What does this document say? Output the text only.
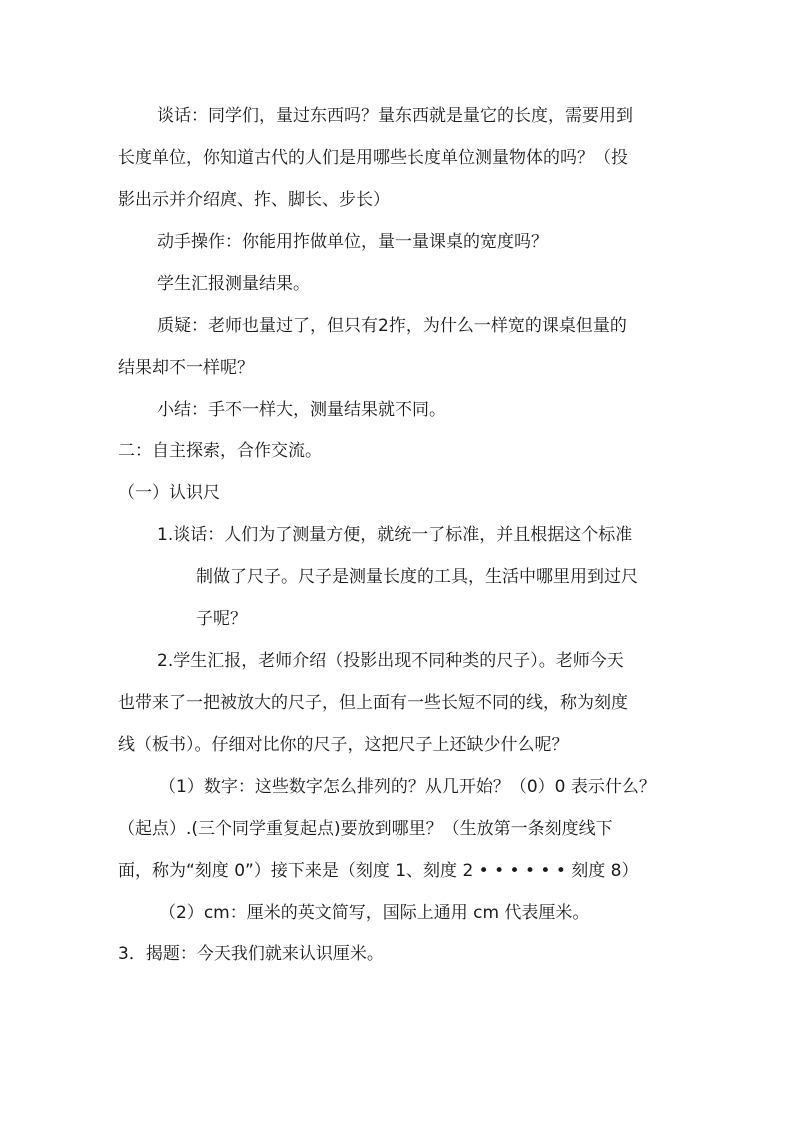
谈话：同学们，量过东西吗？量东西就是量它的长度，需要用到
长度单位，你知道古代的人们是用哪些长度单位测量物体的吗？（投
影出示并介绍庹、拃、脚长、步长）
动手操作：你能用拃做单位，量一量课桌的宽度吗？
学生汇报测量结果。
质疑：老师也量过了，但只有2拃，为什么一样宽的课桌但量的
结果却不一样呢？
小结：手不一样大，测量结果就不同。
二：自主探索，合作交流。
（一）认识尺
1.谈话：人们为了测量方便，就统一了标准，并且根据这个标准
制做了尺子。尺子是测量长度的工具，生活中哪里用到过尺
子呢？
2.学生汇报，老师介绍（投影出现不同种类的尺子）。老师今天
也带来了一把被放大的尺子，但上面有一些长短不同的线，称为刻度
线（板书）。仔细对比你的尺子，这把尺子上还缺少什么呢？
（1）数字：这些数字怎么排列的？从几开始？（0）0 表示什么？
（起点）.(三个同学重复起点)要放到哪里？（生放第一条刻度线下
面，称为“刻度 0”）接下来是（刻度 1、刻度 2 • • • • • • 刻度 8）
（2）cm：厘米的英文简写，国际上通用 cm 代表厘米。
3．揭题：今天我们就来认识厘米。
